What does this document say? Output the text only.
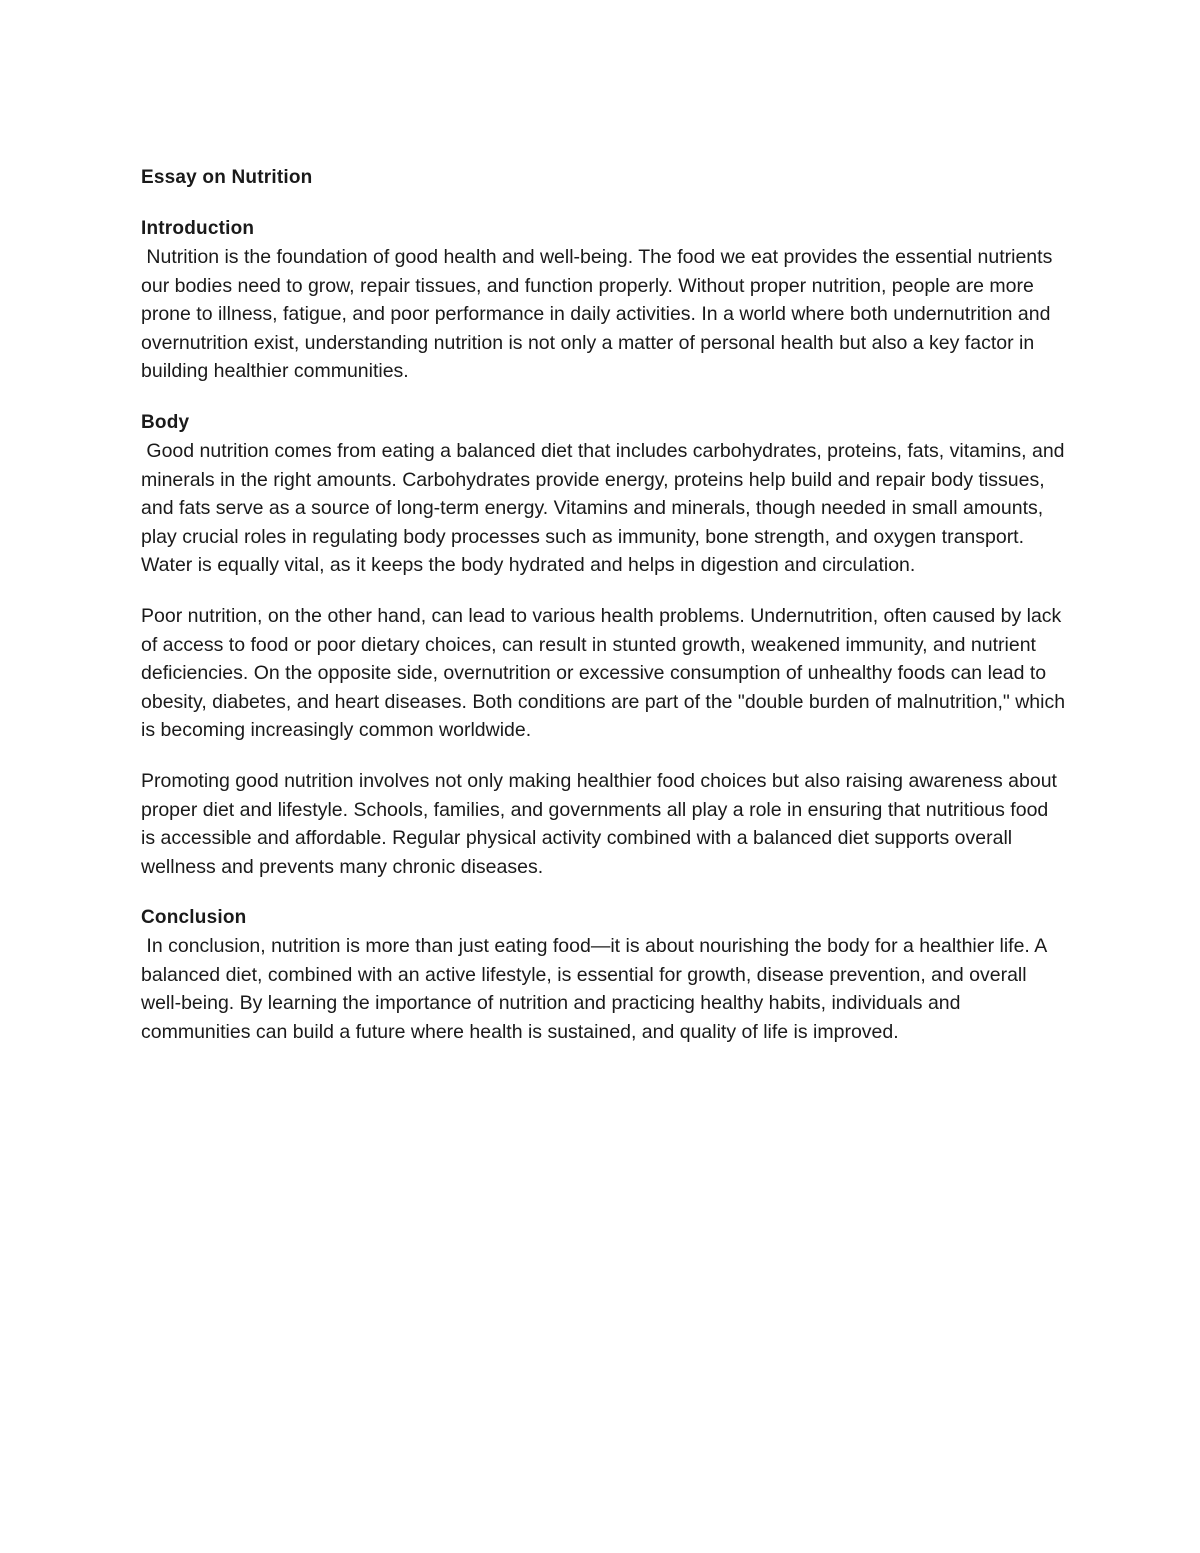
Essay on Nutrition
Introduction

Nutrition is the foundation of good health and well-being. The food we eat provides the essential nutrients our bodies need to grow, repair tissues, and function properly. Without proper nutrition, people are more prone to illness, fatigue, and poor performance in daily activities. In a world where both undernutrition and overnutrition exist, understanding nutrition is not only a matter of personal health but also a key factor in building healthier communities.

Body

Good nutrition comes from eating a balanced diet that includes carbohydrates, proteins, fats, vitamins, and minerals in the right amounts. Carbohydrates provide energy, proteins help build and repair body tissues, and fats serve as a source of long-term energy. Vitamins and minerals, though needed in small amounts, play crucial roles in regulating body processes such as immunity, bone strength, and oxygen transport. Water is equally vital, as it keeps the body hydrated and helps in digestion and circulation.

Poor nutrition, on the other hand, can lead to various health problems. Undernutrition, often caused by lack of access to food or poor dietary choices, can result in stunted growth, weakened immunity, and nutrient deficiencies. On the opposite side, overnutrition or excessive consumption of unhealthy foods can lead to obesity, diabetes, and heart diseases. Both conditions are part of the "double burden of malnutrition," which is becoming increasingly common worldwide.

Promoting good nutrition involves not only making healthier food choices but also raising awareness about proper diet and lifestyle. Schools, families, and governments all play a role in ensuring that nutritious food is accessible and affordable. Regular physical activity combined with a balanced diet supports overall wellness and prevents many chronic diseases.

Conclusion

In conclusion, nutrition is more than just eating food—it is about nourishing the body for a healthier life. A balanced diet, combined with an active lifestyle, is essential for growth, disease prevention, and overall well-being. By learning the importance of nutrition and practicing healthy habits, individuals and communities can build a future where health is sustained, and quality of life is improved.
